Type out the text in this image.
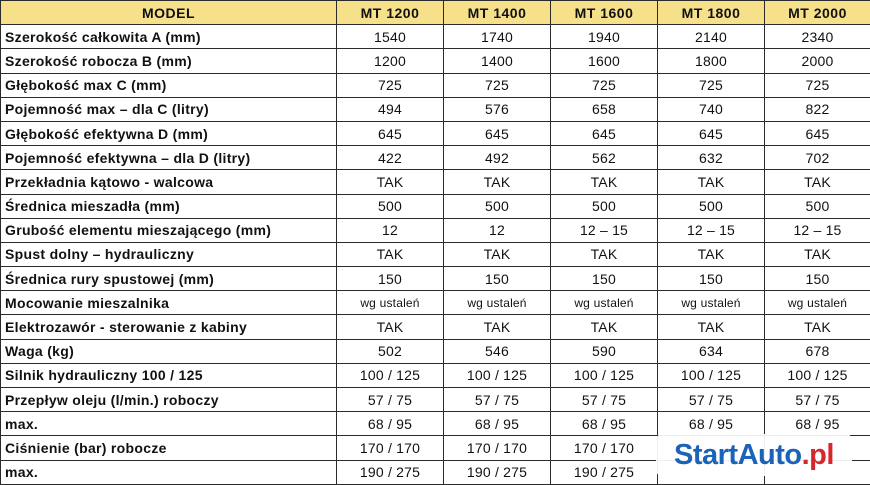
MODEL	MT 1200	MT 1400	MT 1600	MT 1800	MT 2000
Szerokość całkowita A (mm)	1540	1740	1940	2140	2340
Szerokość robocza B (mm)	1200	1400	1600	1800	2000
Głębokość max C (mm)	725	725	725	725	725
Pojemność max – dla C (litry)	494	576	658	740	822
Głębokość efektywna D (mm)	645	645	645	645	645
Pojemność efektywna – dla D (litry)	422	492	562	632	702
Przekładnia kątowo - walcowa	TAK	TAK	TAK	TAK	TAK
Średnica mieszadła (mm)	500	500	500	500	500
Grubość elementu mieszającego (mm)	12	12	12 – 15	12 – 15	12 – 15
Spust dolny – hydrauliczny	TAK	TAK	TAK	TAK	TAK
Średnica rury spustowej (mm)	150	150	150	150	150
Mocowanie mieszalnika	wg ustaleń	wg ustaleń	wg ustaleń	wg ustaleń	wg ustaleń
Elektrozawór - sterowanie z kabiny	TAK	TAK	TAK	TAK	TAK
Waga (kg)	502	546	590	634	678
Silnik hydrauliczny 100 / 125	100 / 125	100 / 125	100 / 125	100 / 125	100 / 125
Przepływ oleju (l/min.) roboczy	57 / 75	57 / 75	57 / 75	57 / 75	57 / 75
max.	68 / 95	68 / 95	68 / 95	68 / 95	68 / 95
Ciśnienie (bar) robocze	170 / 170	170 / 170	170 / 170		
max.	190 / 275	190 / 275	190 / 275		
StartAuto .pl
